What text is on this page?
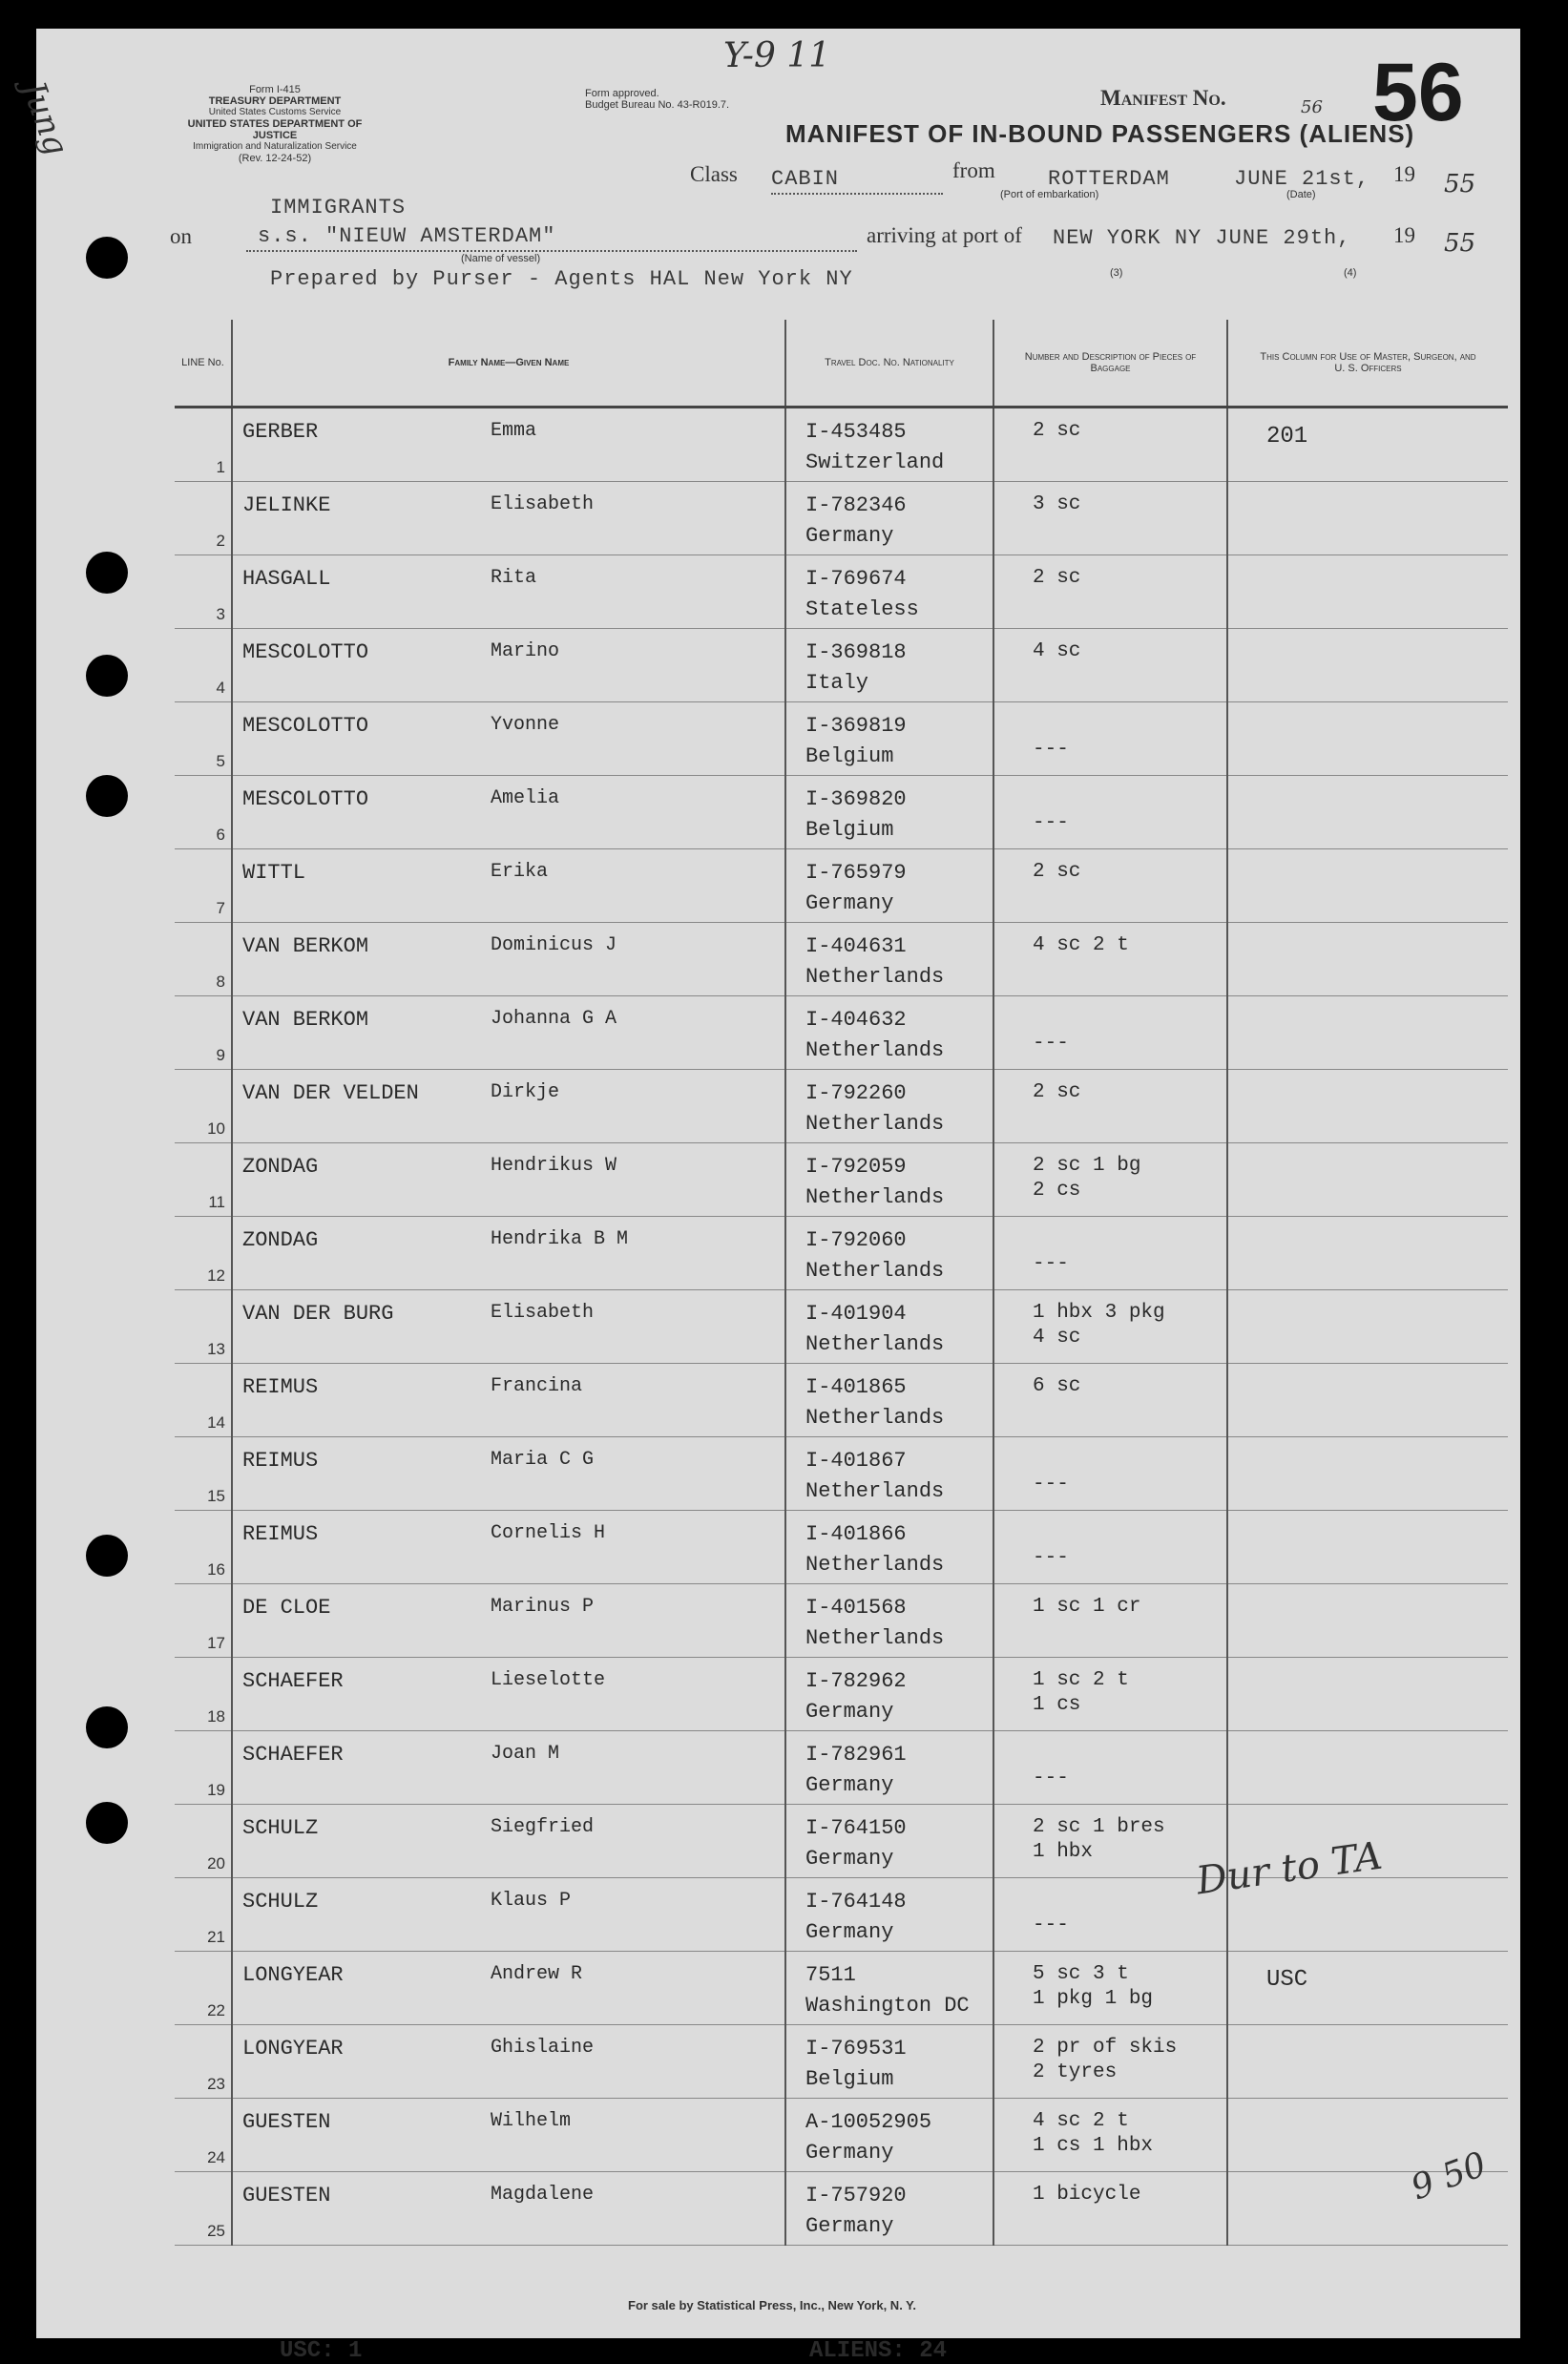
Jung	Form I-415
TREASURY DEPARTMENT
United States Customs Service
UNITED STATES DEPARTMENT OF JUSTICE
Immigration and Naturalization Service
(Rev. 12-24-52)
Form approved.
Budget Bureau No. 43-R019.7.
Y-9 11
Manifest No.	56 56
MANIFEST OF IN-BOUND PASSENGERS (ALIENS)
Class CABIN	from	ROTTERDAM
(Port of embarkation)
JUNE 21st,
(Date)
19 55
IMMIGRANTS
on	s.s. "NIEUW AMSTERDAM"
(Name of vessel)
arriving at port of NEW YORK NY JUNE 29th, 19 55
Prepared by Purser - Agents HAL New York NY	(3)	(4)
LINE No.	Family Name—Given Name	Travel Doc. No. Nationality	Number and Description of Pieces of Baggage	This Column for Use of Master, Surgeon, and U. S. Officers

1	GERBER Emma	I-453485
Switzerland	2 sc	201

2	JELINKE Elisabeth	I-782346
Germany	3 sc	

3	HASGALL Rita	I-769674
Stateless	2 sc	

4	MESCOLOTTO Marino	I-369818
Italy	4 sc	

5	MESCOLOTTO Yvonne	I-369819
Belgium	---	

6	MESCOLOTTO Amelia	I-369820
Belgium	---	

7	WITTL Erika	I-765979
Germany	2 sc	

8	VAN BERKOM Dominicus J	I-404631
Netherlands	4 sc 2 t	

9	VAN BERKOM Johanna G A	I-404632
Netherlands	---	

10	VAN DER VELDEN Dirkje	I-792260
Netherlands	2 sc	

11	ZONDAG Hendrikus W	I-792059
Netherlands	2 sc 1 bg
2 cs	

12	ZONDAG Hendrika B M	I-792060
Netherlands	---	

13	VAN DER BURG Elisabeth	I-401904
Netherlands	1 hbx 3 pkg
4 sc	

14	REIMUS Francina	I-401865
Netherlands	6 sc	

15	REIMUS Maria C G	I-401867
Netherlands	---	

16	REIMUS Cornelis H	I-401866
Netherlands	---	

17	DE CLOE Marinus P	I-401568
Netherlands	1 sc 1 cr	

18	SCHAEFER Lieselotte	I-782962
Germany	1 sc 2 t
1 cs	

19	SCHAEFER Joan M	I-782961
Germany	---	

20	SCHULZ Siegfried	I-764150
Germany	2 sc 1 bres
1 hbx	

21	SCHULZ Klaus P	I-764148
Germany	---	

22	LONGYEAR Andrew R	7511
Washington DC	5 sc 3 t
1 pkg 1 bg	USC

23	LONGYEAR Ghislaine	I-769531
Belgium	2 pr of skis
2 tyres	

24	GUESTEN Wilhelm	A-10052905
Germany	4 sc 2 t
1 cs 1 hbx	

25	GUESTEN Magdalene	I-757920
Germany	1 bicycle	

Dur to TA
9 50
For sale by Statistical Press, Inc., New York, N. Y.
USC: 1	ALIENS: 24
